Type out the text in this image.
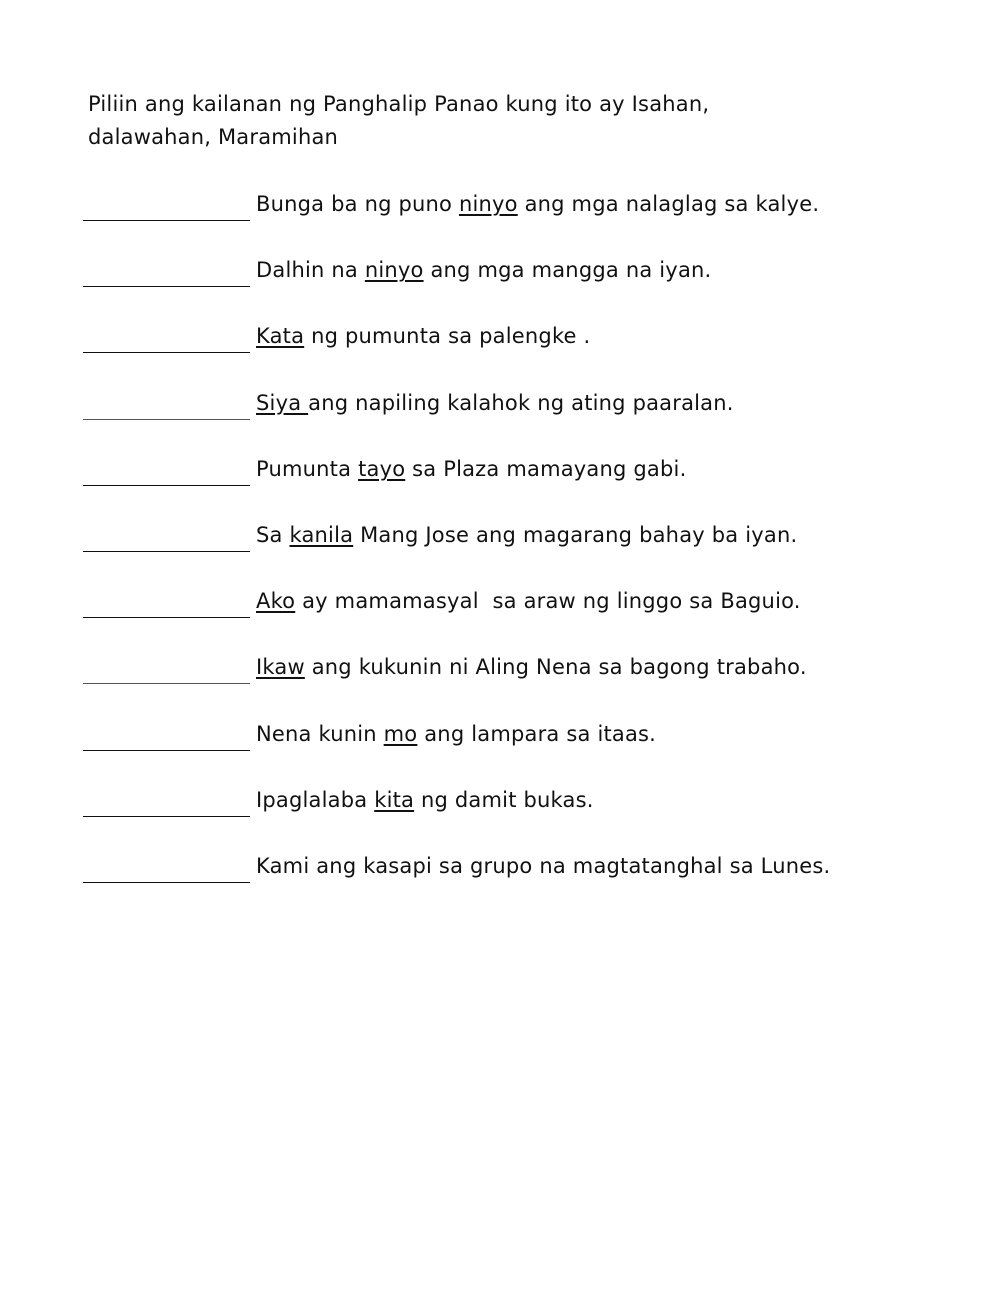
Piliin ang kailanan ng Panghalip Panao kung ito ay Isahan,
dalawahan, Maramihan
Bunga ba ng puno ninyo ang mga nalaglag sa kalye.
Dalhin na ninyo ang mga mangga na iyan.
Kata ng pumunta sa palengke .
Siya ang napiling kalahok ng ating paaralan.
Pumunta tayo sa Plaza mamayang gabi.
Sa kanila Mang Jose ang magarang bahay ba iyan.
Ako ay mamamasyal  sa araw ng linggo sa Baguio.
Ikaw ang kukunin ni Aling Nena sa bagong trabaho.
Nena kunin mo ang lampara sa itaas.
Ipaglalaba kita ng damit bukas.
Kami ang kasapi sa grupo na magtatanghal sa Lunes.
